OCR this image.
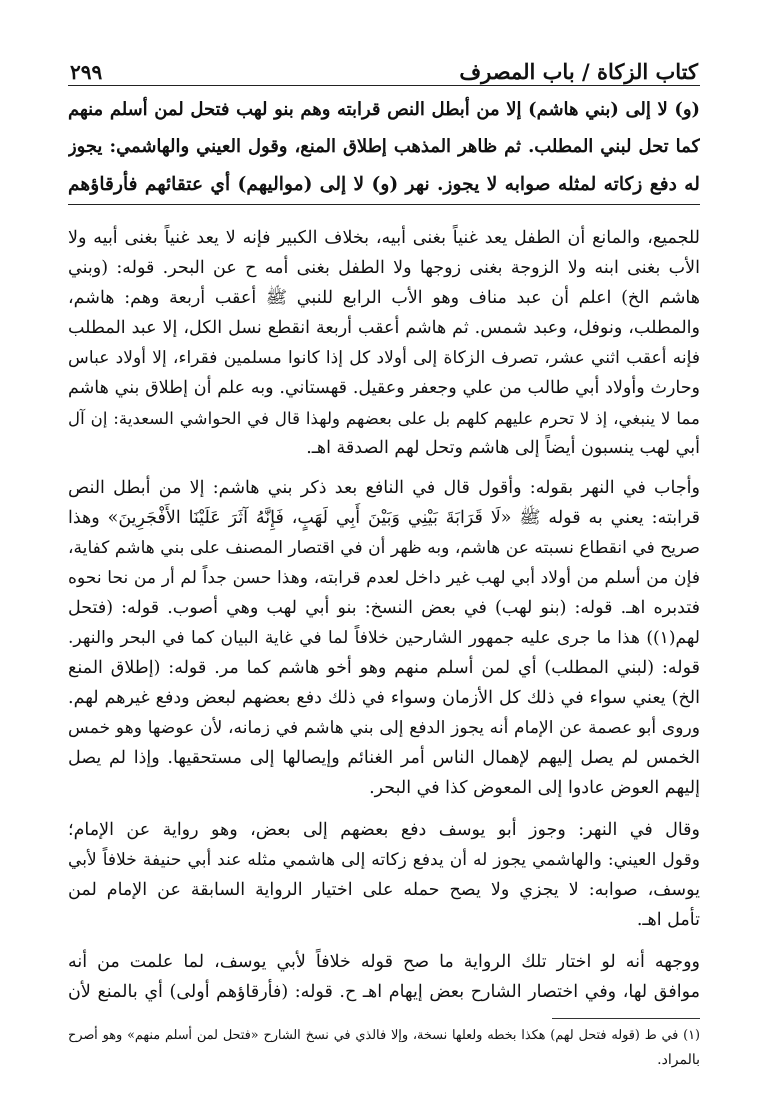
كتاب الزكاة / باب المصرف
٢٩٩
(و) لا إلى (بني هاشم) إلا من أبطل النص قرابته وهم بنو لهب فتحل لمن أسلم منهم
كما تحل لبني المطلب. ثم ظاهر المذهب إطلاق المنع، وقول العيني والهاشمي: يجوز
له دفع زكاته لمثله صوابه لا يجوز. نهر (و) لا إلى (مواليهم) أي عتقائهم فأرقاؤهم
للجميع، والمانع أن الطفل يعد غنياً بغنى أبيه، بخلاف الكبير فإنه لا يعد غنياً بغنى أبيه ولا
الأب بغنى ابنه ولا الزوجة بغنى زوجها ولا الطفل بغنى أمه ح عن البحر. قوله: (وبني
هاشم الخ) اعلم أن عبد مناف وهو الأب الرابع للنبي ﷺ أعقب أربعة وهم: هاشم،
والمطلب، ونوفل، وعبد شمس. ثم هاشم أعقب أربعة انقطع نسل الكل، إلا عبد المطلب
فإنه أعقب اثني عشر، تصرف الزكاة إلى أولاد كل إذا كانوا مسلمين فقراء، إلا أولاد عباس
وحارث وأولاد أبي طالب من علي وجعفر وعقيل. قهستاني. وبه علم أن إطلاق بني هاشم
مما لا ينبغي، إذ لا تحرم عليهم كلهم بل على بعضهم ولهذا قال في الحواشي السعدية: إن آل
أبي لهب ينسبون أيضاً إلى هاشم وتحل لهم الصدقة اهـ.
وأجاب في النهر بقوله: وأقول قال في النافع بعد ذكر بني هاشم: إلا من أبطل النص
قرابته: يعني به قوله ﷺ «لَا قَرَابَةَ بَيْنِي وَبَيْنَ أَبِي لَهَبٍ، فَإِنَّهُ آثَرَ عَلَيْنَا الأَفْجَرِينَ» وهذا
صريح في انقطاع نسبته عن هاشم، وبه ظهر أن في اقتصار المصنف على بني هاشم كفاية،
فإن من أسلم من أولاد أبي لهب غير داخل لعدم قرابته، وهذا حسن جداً لم أر من نحا نحوه
فتدبره اهـ. قوله: (بنو لهب) في بعض النسخ: بنو أبي لهب وهي أصوب. قوله: (فتحل
لهم(١)) هذا ما جرى عليه جمهور الشارحين خلافاً لما في غاية البيان كما في البحر والنهر.
قوله: (لبني المطلب) أي لمن أسلم منهم وهو أخو هاشم كما مر. قوله: (إطلاق المنع
الخ) يعني سواء في ذلك كل الأزمان وسواء في ذلك دفع بعضهم لبعض ودفع غيرهم لهم.
وروى أبو عصمة عن الإمام أنه يجوز الدفع إلى بني هاشم في زمانه، لأن عوضها وهو خمس
الخمس لم يصل إليهم لإهمال الناس أمر الغنائم وإيصالها إلى مستحقيها. وإذا لم يصل
إليهم العوض عادوا إلى المعوض كذا في البحر.
وقال في النهر: وجوز أبو يوسف دفع بعضهم إلى بعض، وهو رواية عن الإمام؛
وقول العيني: والهاشمي يجوز له أن يدفع زكاته إلى هاشمي مثله عند أبي حنيفة خلافاً لأبي
يوسف، صوابه: لا يجزي ولا يصح حمله على اختيار الرواية السابقة عن الإمام لمن
تأمل اهـ.
ووجهه أنه لو اختار تلك الرواية ما صح قوله خلافاً لأبي يوسف، لما علمت من أنه
موافق لها، وفي اختصار الشارح بعض إيهام اهـ ح. قوله: (فأرقاؤهم أولى) أي بالمنع لأن
(١) في ط (قوله فتحل لهم) هكذا بخطه ولعلها نسخة، وإلا فالذي في نسخ الشارح «فتحل لمن أسلم منهم» وهو أصرح
بالمراد.
